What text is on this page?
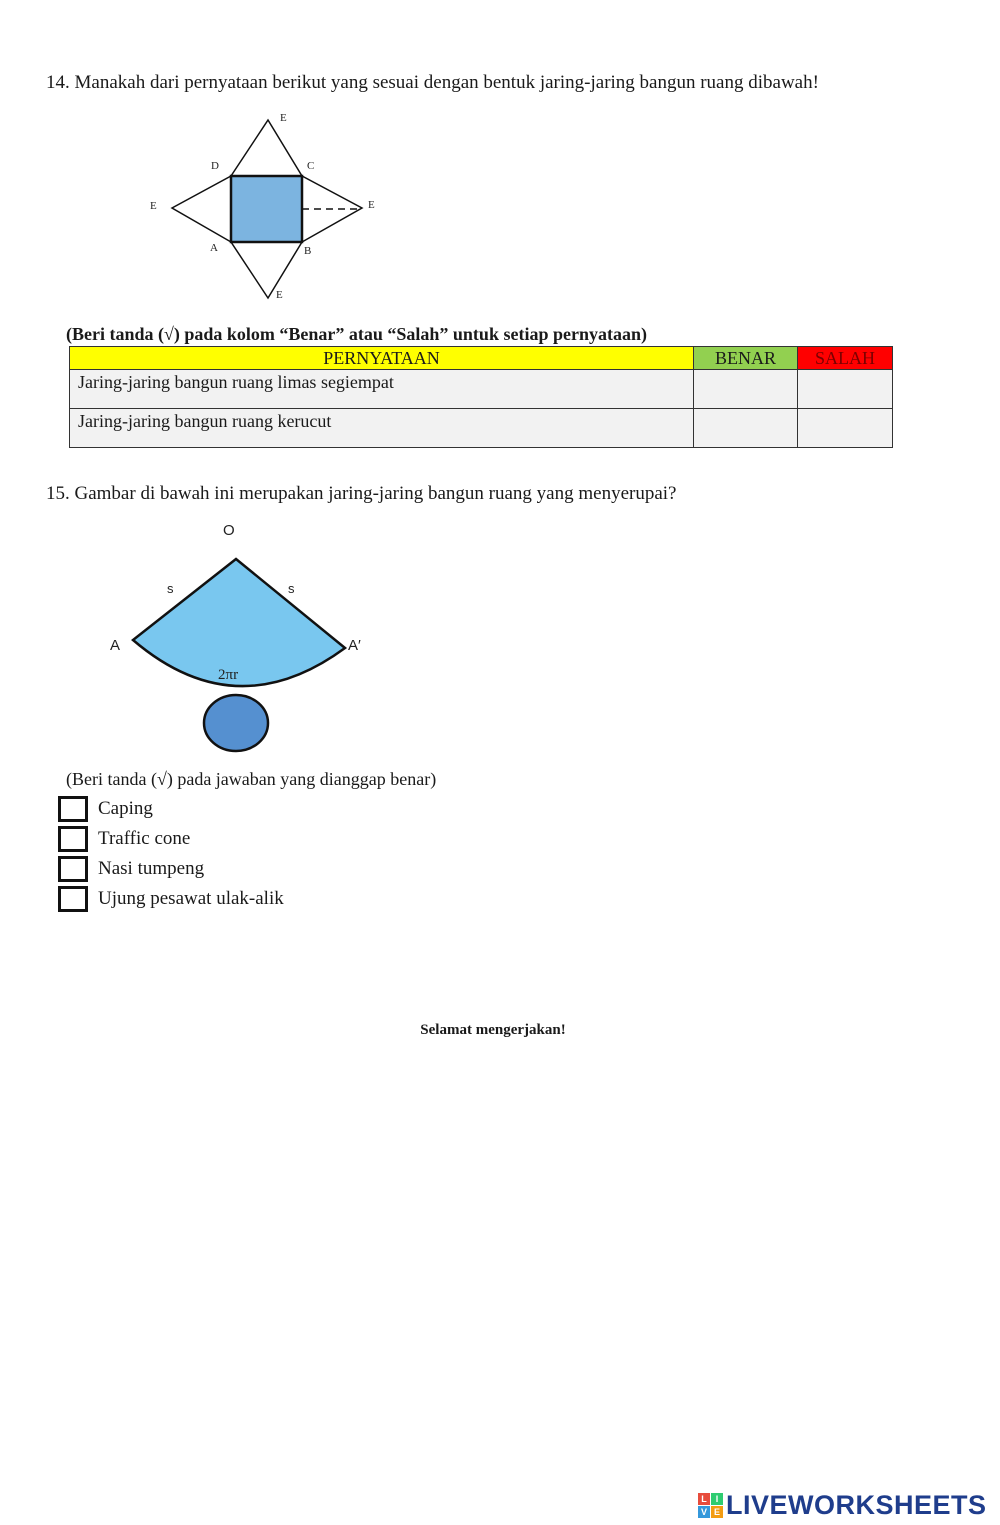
14. Manakah dari pernyataan berikut yang sesuai dengan bentuk jaring-jaring bangun ruang dibawah!
E
E	E
E
D	C
A	B
(Beri tanda (√) pada kolom “Benar” atau “Salah” untuk setiap pernyataan)
PERNYATAAN	BENAR	SALAH
Jaring-jaring bangun ruang limas segiempat		
Jaring-jaring bangun ruang kerucut		
15. Gambar di bawah ini merupakan jaring-jaring bangun ruang yang menyerupai?
O
s	s
A	A′
2πr
(Beri tanda (√) pada jawaban yang dianggap benar)
Caping
Traffic cone
Nasi tumpeng
Ujung pesawat ulak-alik
Selamat mengerjakan!
L I
V E LIVEWORKSHEETS
